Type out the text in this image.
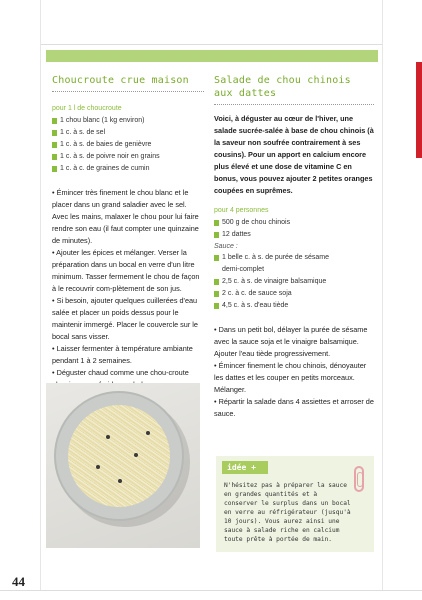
Choucroute crue maison
pour 1 l de choucroute
1 chou blanc (1 kg environ)
1 c. à s. de sel
1 c. à s. de baies de genièvre
1 c. à s. de poivre noir en grains
1 c. à c. de graines de cumin

• Émincer très finement le chou blanc et le placer dans un grand saladier avec le sel. Avec les mains, malaxer le chou pour lui faire rendre son eau (il faut compter une quinzaine de minutes).

• Ajouter les épices et mélanger. Verser la préparation dans un bocal en verre d'un litre minimum. Tasser fermement le chou de façon à le recouvrir com-plètement de son jus.

• Si besoin, ajouter quelques cuillerées d'eau salée et placer un poids dessus pour le maintenir immergé. Placer le couvercle sur le bocal sans visser.

• Laisser fermenter à température ambiante pendant 1 à 2 semaines.

• Déguster chaud comme une chou-croute

Salade de chou chinois aux dattes

Voici, à déguster au cœur de l'hiver, une salade sucrée-salée à base de chou chinois (à la saveur non soufrée contrairement à ses cousins). Pour un apport en calcium encore plus élevé et une dose de vitamine C en bonus, vous pouvez ajouter 2 petites oranges coupées en suprêmes.

pour 4 personnes
500 g de chou chinois
12 dattes
Sauce :
1 belle c. à s. de purée de sésame
demi-complet
2,5 c. à s. de vinaigre balsamique
2 c. à c. de sauce soja
4,5 c. à s. d'eau tiède

• Dans un petit bol, délayer la purée de sésame avec la sauce soja et le vinaigre balsamique. Ajouter l'eau tiède progressivement.

• Émincer finement le chou chinois, dénoyauter les dattes et les couper en petits morceaux. Mélanger.

• Répartir la salade dans 4 assiettes et arroser de sauce.

idée +
N'hésitez pas à préparer la sauce en grandes quantités et à conserver le surplus dans un bocal en verre au réfrigérateur (jusqu'à 10 jours). Vous aurez ainsi une sauce à salade riche en calcium toute prête à portée de main.
44
